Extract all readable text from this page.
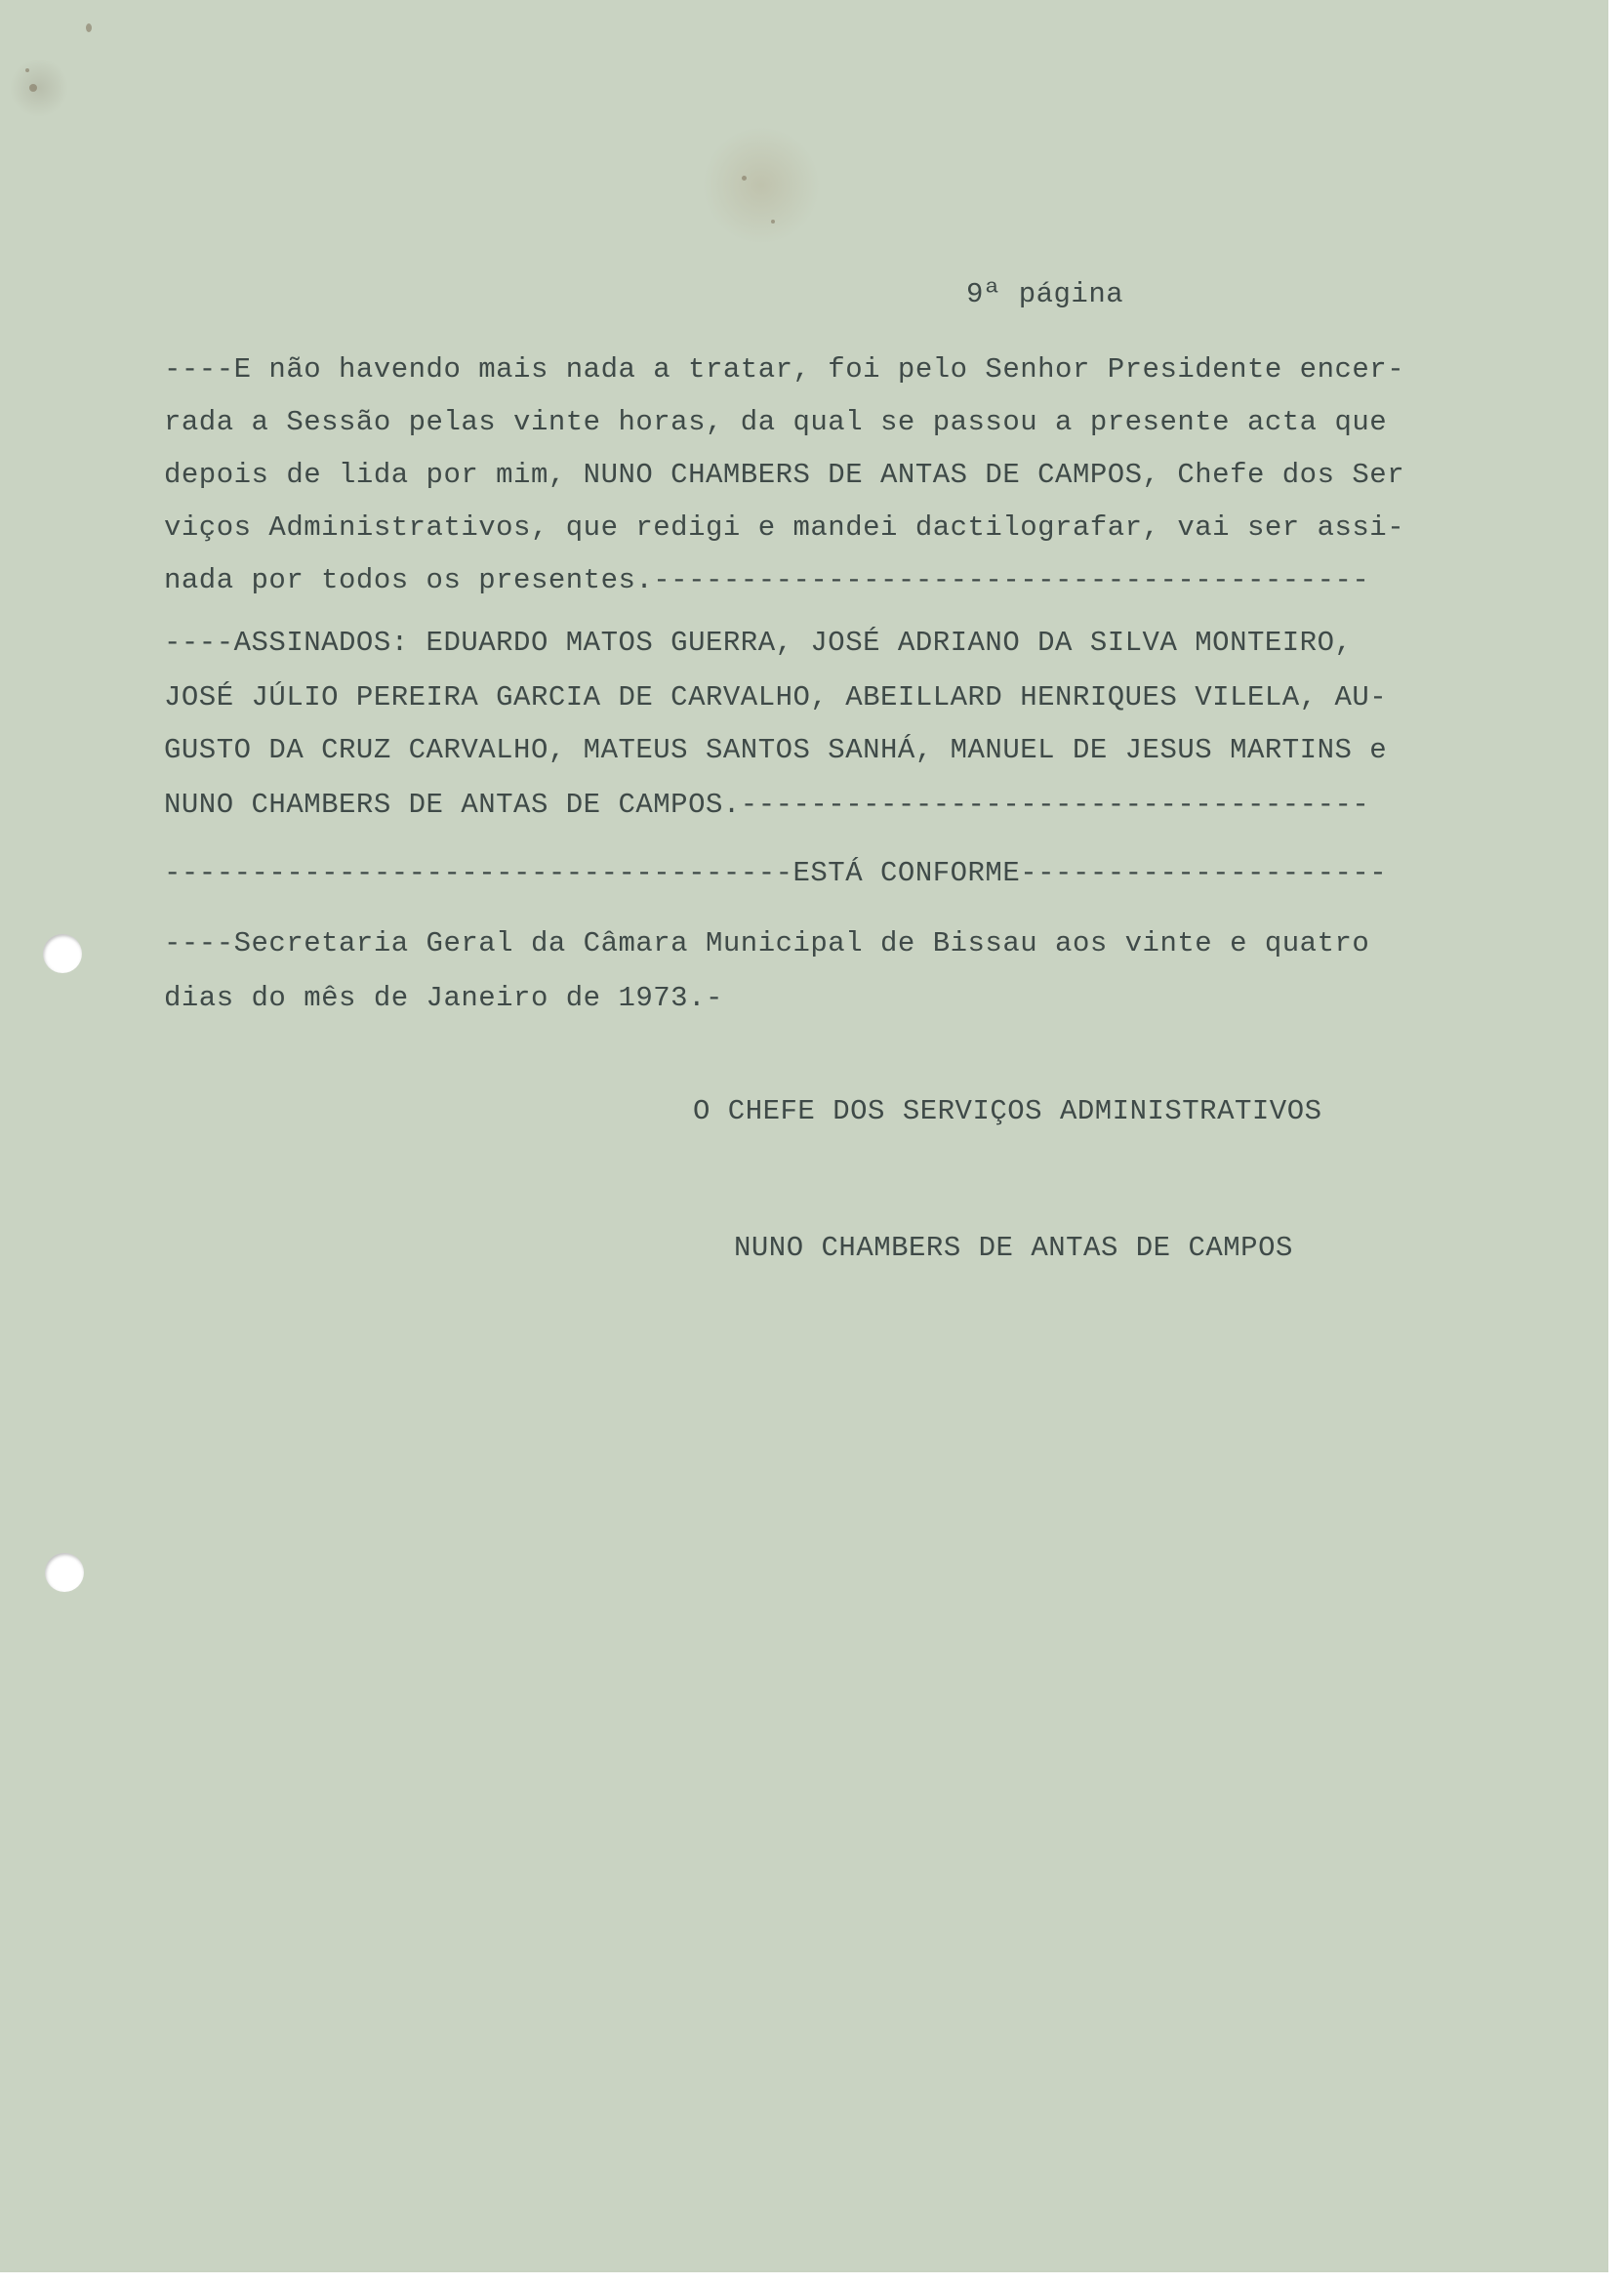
9ª página
----E não havendo mais nada a tratar, foi pelo Senhor Presidente encer-
rada a Sessão pelas vinte horas, da qual se passou a presente acta que
depois de lida por mim, NUNO CHAMBERS DE ANTAS DE CAMPOS, Chefe dos Ser
viços Administrativos, que redigi e mandei dactilografar, vai ser assi-
nada por todos os presentes.-----------------------------------------
----ASSINADOS: EDUARDO MATOS GUERRA, JOSÉ ADRIANO DA SILVA MONTEIRO,
JOSÉ JÚLIO PEREIRA GARCIA DE CARVALHO, ABEILLARD HENRIQUES VILELA, AU-
GUSTO DA CRUZ CARVALHO, MATEUS SANTOS SANHÁ, MANUEL DE JESUS MARTINS e
NUNO CHAMBERS DE ANTAS DE CAMPOS.------------------------------------
------------------------------------ESTÁ CONFORME---------------------
----Secretaria Geral da Câmara Municipal de Bissau aos vinte e quatro
dias do mês de Janeiro de 1973.-
O CHEFE DOS SERVIÇOS ADMINISTRATIVOS
NUNO CHAMBERS DE ANTAS DE CAMPOS
